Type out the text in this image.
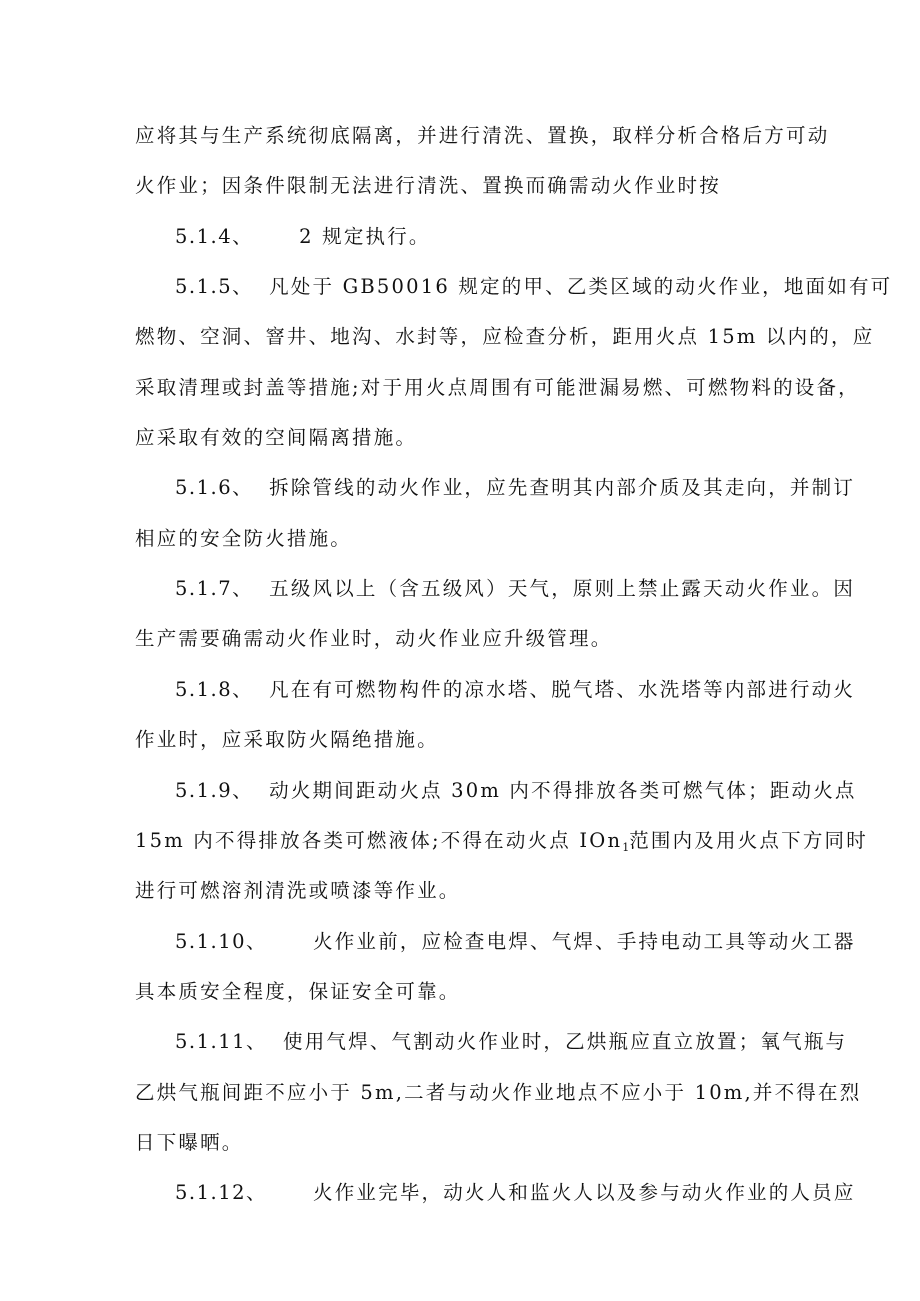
应将其与生产系统彻底隔离，并进行清洗、置换，取样分析合格后方可动
火作业；因条件限制无法进行清洗、置换而确需动火作业时按
5.1.4、 2 规定执行。
5.1.5、 凡处于 GB50016 规定的甲、乙类区域的动火作业，地面如有可
燃物、空洞、窨井、地沟、水封等，应检查分析，距用火点 15m 以内的，应
采取清理或封盖等措施;对于用火点周围有可能泄漏易燃、可燃物料的设备，
应采取有效的空间隔离措施。
5.1.6、 拆除管线的动火作业，应先查明其内部介质及其走向，并制订
相应的安全防火措施。
5.1.7、 五级风以上（含五级风）天气，原则上禁止露天动火作业。因
生产需要确需动火作业时，动火作业应升级管理。
5.1.8、 凡在有可燃物构件的凉水塔、脱气塔、水洗塔等内部进行动火
作业时，应采取防火隔绝措施。
5.1.9、 动火期间距动火点 30m 内不得排放各类可燃气体；距动火点
15m 内不得排放各类可燃液体;不得在动火点 IOn$_1$范围内及用火点下方同时
进行可燃溶剂清洗或喷漆等作业。
5.1.10、 火作业前，应检查电焊、气焊、手持电动工具等动火工器
具本质安全程度，保证安全可靠。
5.1.11、 使用气焊、气割动火作业时，乙烘瓶应直立放置；氧气瓶与
乙烘气瓶间距不应小于 5m,二者与动火作业地点不应小于 10m,并不得在烈
日下曝晒。
5.1.12、 火作业完毕，动火人和监火人以及参与动火作业的人员应
